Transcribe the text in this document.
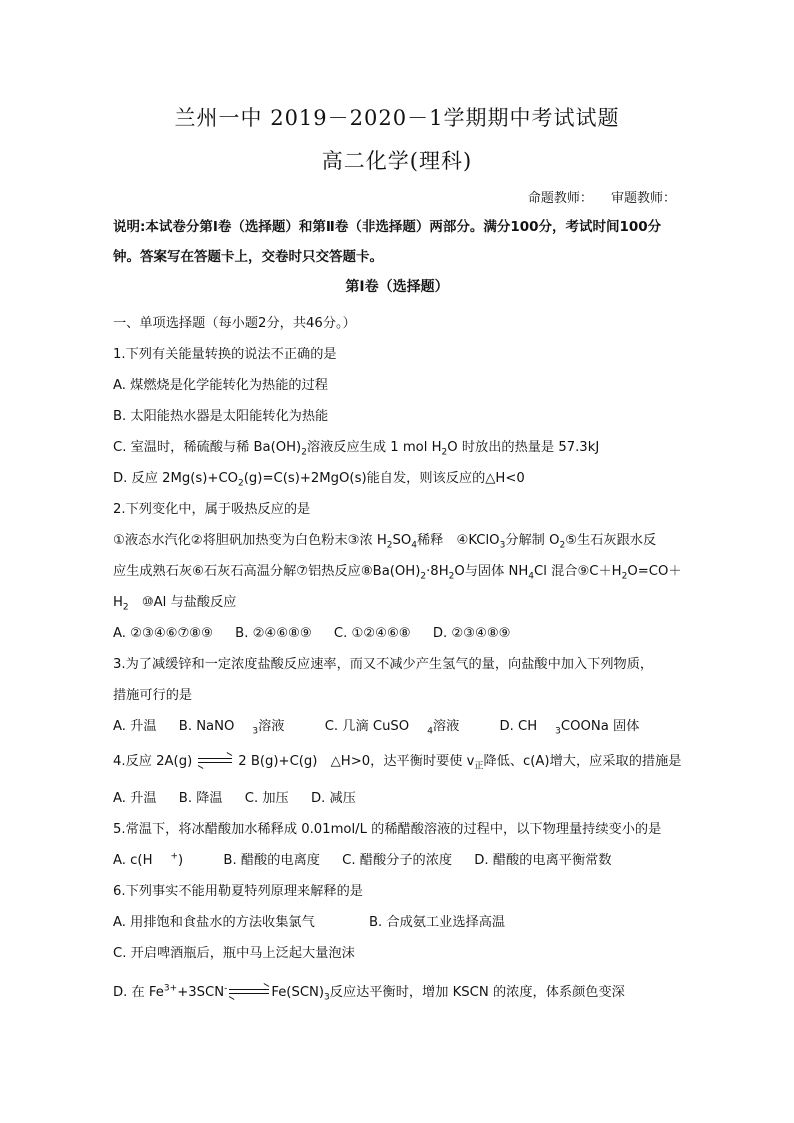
兰州一中 2019－2020－1学期期中考试试题
高二化学(理科)
命题教师： 审题教师：
说明:本试卷分第Ⅰ卷（选择题）和第Ⅱ卷（非选择题）两部分。满分100分，考试时间100分钟。答案写在答题卡上，交卷时只交答题卡。
第Ⅰ卷（选择题）
一、单项选择题（每小题2分，共46分。）
1.下列有关能量转换的说法不正确的是
A. 煤燃烧是化学能转化为热能的过程
B. 太阳能热水器是太阳能转化为热能
C. 室温时，稀硫酸与稀 $Ba(OH)_2$溶液反应生成 1 mol $H_2O$ 时放出的热量是 57.3kJ
D. 反应 $2Mg(s)+CO_2(g)=C(s)+2MgO(s)$能自发，则该反应的△H<0
2.下列变化中，属于吸热反应的是
①液态水汽化②将胆矾加热变为白色粉末③浓 $H_2SO_4$稀释　④KClO$_3$分解制 $O_2⑤$生石灰跟水反
应生成熟石灰⑥石灰石高温分解⑦铝热反应$⑧Ba(OH)_2\cdot 8H_2O$与固体 $NH_4Cl$ 混合$⑨C+H_2O=CO+$
$H_2$　⑩Al 与盐酸反应
A. ②③④⑥⑦⑧⑨ B. ②④⑥⑧⑨ C. ①②④⑥⑧ D. ②③④⑧⑨
3.为了减缓锌和一定浓度盐酸反应速率，而又不减少产生氢气的量，向盐酸中加入下列物质，
措施可行的是
A. 升温 B. NaNO $_3$溶液	C. 几滴 CuSO $_4$溶液	D. CH $_3$COONa 固体
4.反应 2A(g)	2 B(g)+C(g)　△H>0，达平衡时要使 $v_正$降低、c(A)增大，应采取的措施是
A. 升温 B. 降温 C. 加压 D. 减压
5.常温下，将冰醋酸加水稀释成 0.01mol/L 的稀醋酸溶液的过程中，以下物理量持续变小的是
A. c(H +)	B. 醋酸的电离度 C. 醋酸分子的浓度 D. 醋酸的电离平衡常数
6.下列事实不能用勒夏特列原理来解释的是
A. 用排饱和食盐水的方法收集氯气	B. 合成氨工业选择高温
C. 开启啤酒瓶后，瓶中马上泛起大量泡沫
D. 在 $Fe^{3+}+3SCN^-$	$Fe(SCN)_3$反应达平衡时，增加 KSCN 的浓度，体系颜色变深
